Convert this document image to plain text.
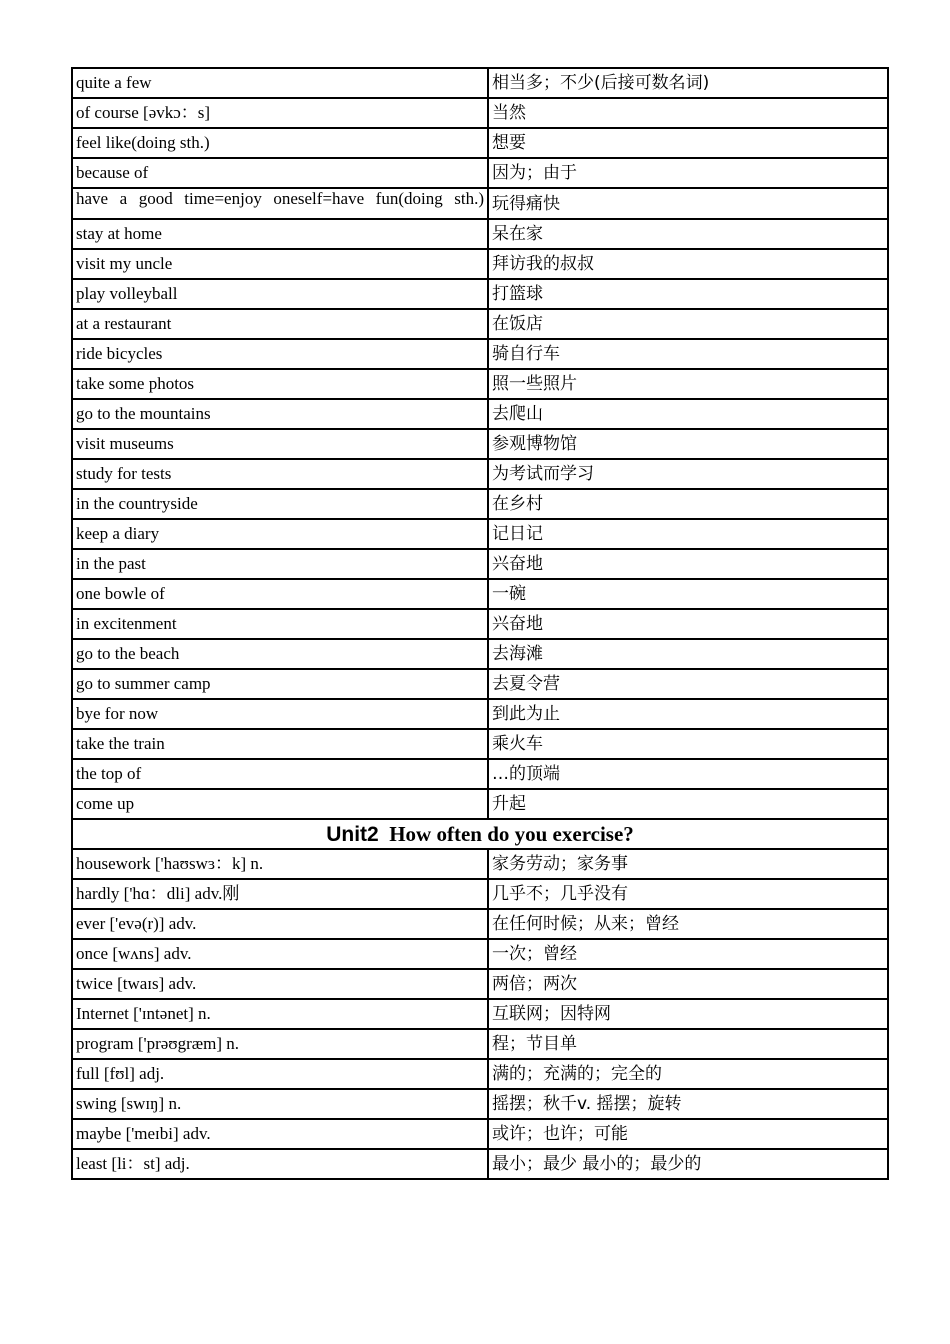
quite a few	相当多；不少(后接可数名词)
of course [əvkɔ：s]	当然
feel like(doing sth.)	想要
because of	因为；由于
have a good time=enjoy oneself=have fun(doing sth.)	玩得痛快
stay at home	呆在家
visit my uncle	拜访我的叔叔
play volleyball	打篮球
at a restaurant	在饭店
ride bicycles	骑自行车
take some photos	照一些照片
go to the mountains	去爬山
visit museums	参观博物馆
study for tests	为考试而学习
in the countryside	在乡村
keep a diary	记日记
in the past	兴奋地
one bowle of	一碗
in excitenment	兴奋地
go to the beach	去海滩
go to summer camp	去夏令营
bye for now	到此为止
take the train	乘火车
the top of	…的顶端
come up	升起
Unit2 How often do you exercise?	
housework ['haʊswɜ：k] n.	家务劳动；家务事
hardly ['hɑ：dli] adv.刚	几乎不；几乎没有
ever ['evə(r)] adv.	在任何时候；从来；曾经
once [wʌns] adv.	一次；曾经
twice [twaɪs] adv.	两倍；两次
Internet ['ɪntənet] n.	互联网；因特网
program ['prəʊgræm] n.	程；节目单
full [fʊl] adj.	满的；充满的；完全的
swing [swɪŋ] n.	摇摆；秋千v. 摇摆；旋转
maybe ['meɪbi] adv.	或许；也许；可能
least [li：st] adj.	最小；最少 最小的；最少的
